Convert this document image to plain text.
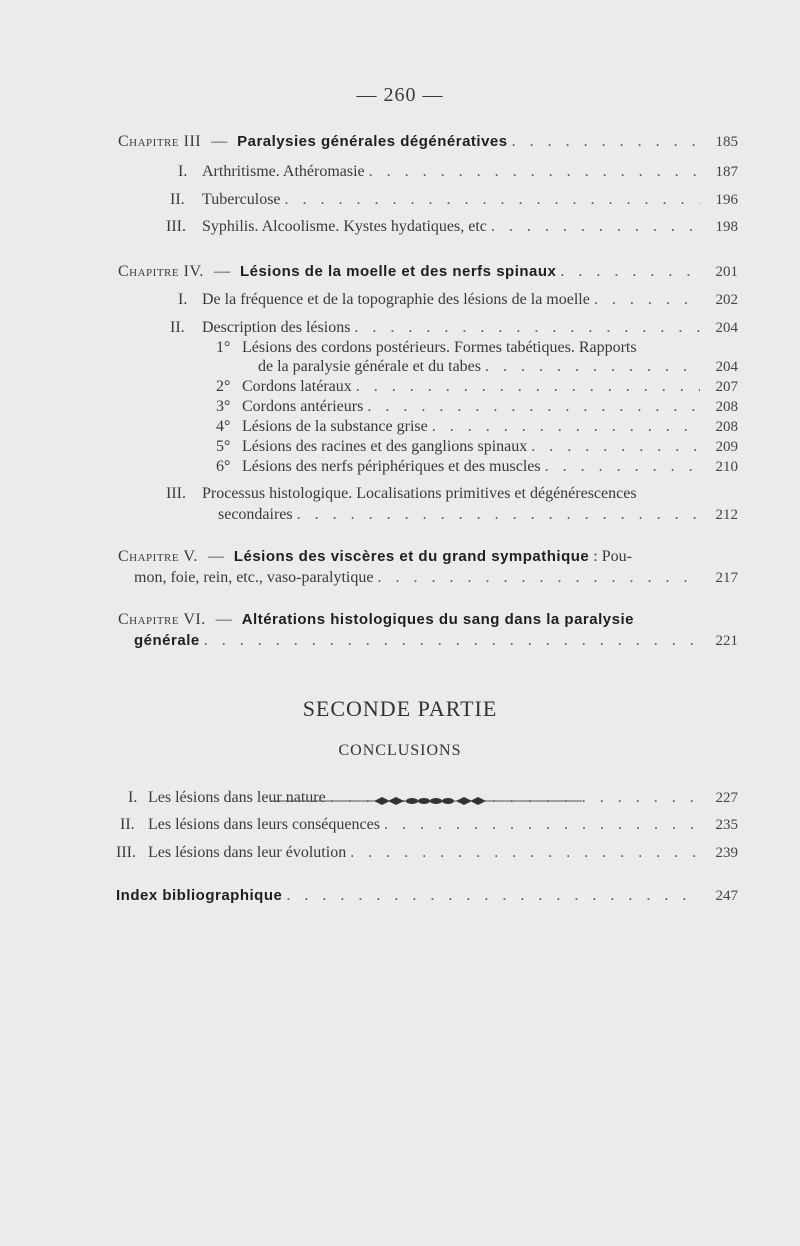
— 260 —
Chapitre III — Paralysies générales dégénératives . . .	185
I. Arthritisme. Athéromasie . . .	187
II. Tuberculose . . .	196
III. Syphilis. Alcoolisme. Kystes hydatiques, etc . . .	198
Chapitre IV. — Lésions de la moelle et des nerfs spinaux . . .	201
I. De la fréquence et de la topographie des lésions de la moelle . . .	202
II. Description des lésions . . .	204
1° Lésions des cordons postérieurs. Formes tabétiques. Rapports
de la paralysie générale et du tabes . . .	204
2° Cordons latéraux . . .	207
3° Cordons antérieurs . . .	208
4° Lésions de la substance grise . . .	208
5° Lésions des racines et des ganglions spinaux . . .	209
6° Lésions des nerfs périphériques et des muscles . . .	210
III. Processus histologique. Localisations primitives et dégénérescences
secondaires . . .	212
Chapitre V. — Lésions des viscères et du grand sympathique : Pou-
mon, foie, rein, etc., vaso-paralytique . . .	217
Chapitre VI. — Altérations histologiques du sang dans la paralysie
générale . . .	221
SECONDE PARTIE
CONCLUSIONS
I. Les lésions dans leur nature . . .	227
II. Les lésions dans leurs conséquences . . .	235
III. Les lésions dans leur évolution . . .	239
Index bibliographique . . .	247
